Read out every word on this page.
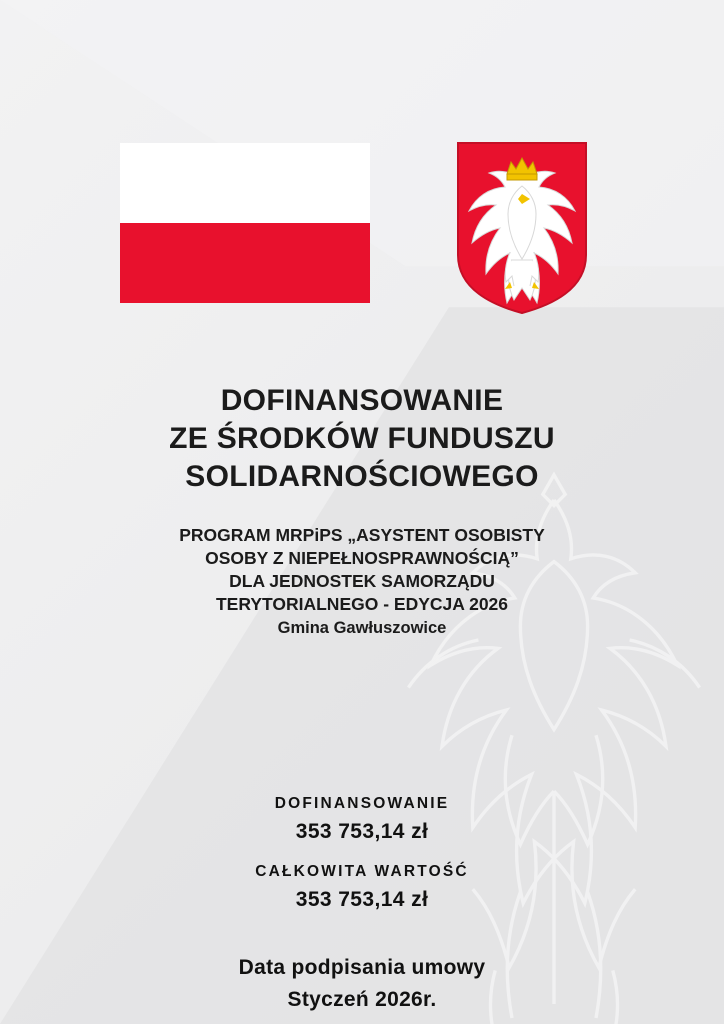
DOFINANSOWANIE
ZE ŚRODKÓW FUNDUSZU
SOLIDARNOŚCIOWEGO
PROGRAM MRPiPS „ASYSTENT OSOBISTY
OSOBY Z NIEPEŁNOSPRAWNOŚCIĄ”
DLA JEDNOSTEK SAMORZĄDU
TERYTORIALNEGO - EDYCJA 2026
Gmina Gawłuszowice
DOFINANSOWANIE
353 753,14 zł
CAŁKOWITA WARTOŚĆ
353 753,14 zł
Data podpisania umowy
Styczeń 2026r.
